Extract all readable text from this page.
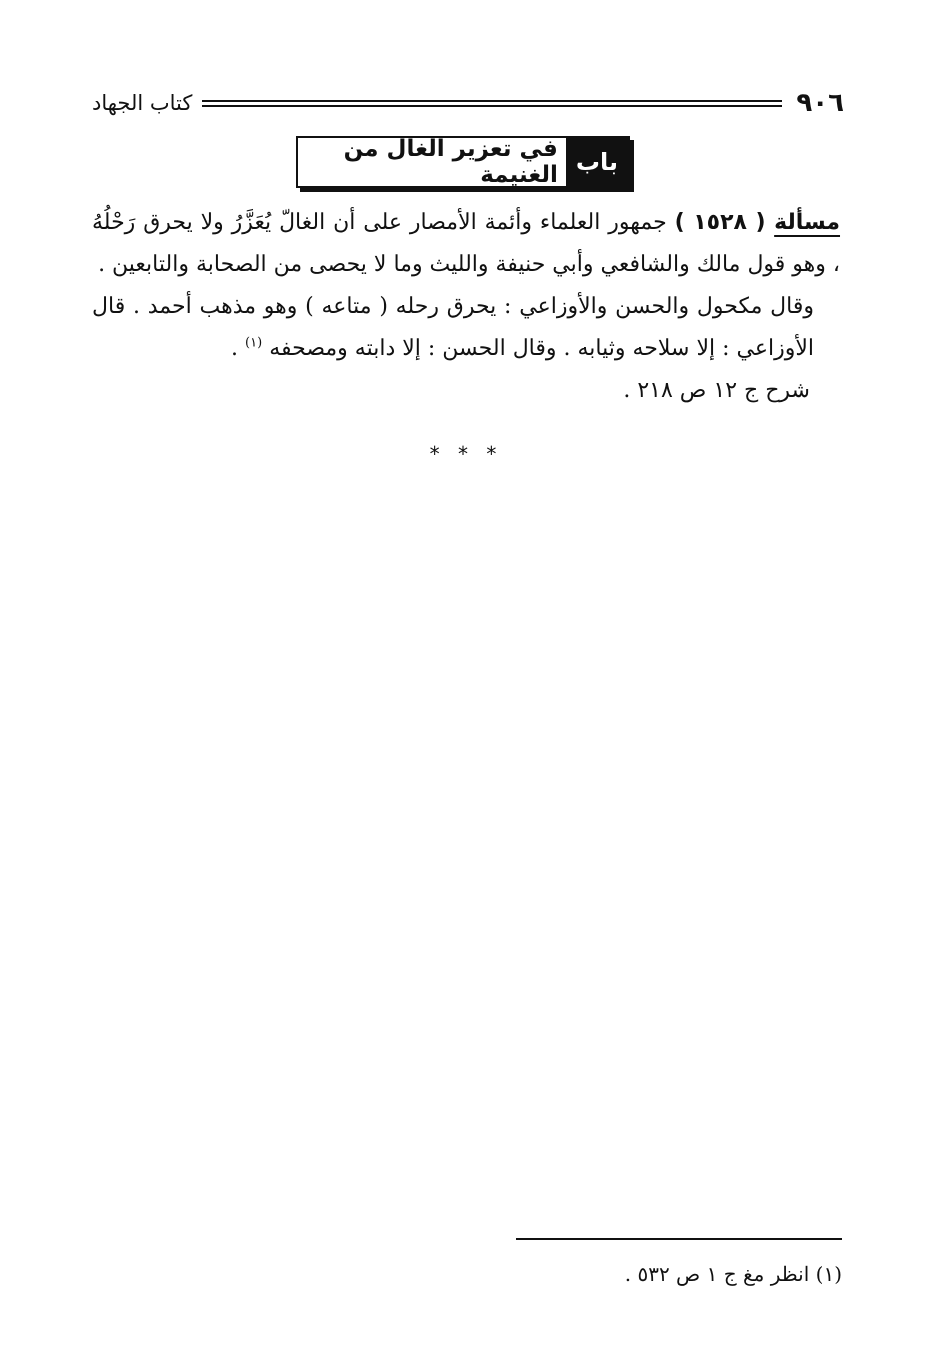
٩٠٦
كتاب الجهاد
باب
في تعزير الغال من الغنيمة

مسألة ( ١٥٢٨ ) جمهور العلماء وأئمة الأمصار على أن الغالّ يُعَزَّرُ ولا يحرق رَحْلُهُ ، وهو قول مالك والشافعي وأبي حنيفة والليث وما لا يحصى من الصحابة والتابعين .

وقال مكحول والحسن والأوزاعي : يحرق رحله ( متاعه ) وهو مذهب أحمد . قال الأوزاعي : إلا سلاحه وثيابه . وقال الحسن : إلا دابته ومصحفه $^{(١)}$ .

شرح ج ١٢ ص ٢١٨ .

* * *
(١) انظر مغ ج ١ ص ٥٣٢ .
